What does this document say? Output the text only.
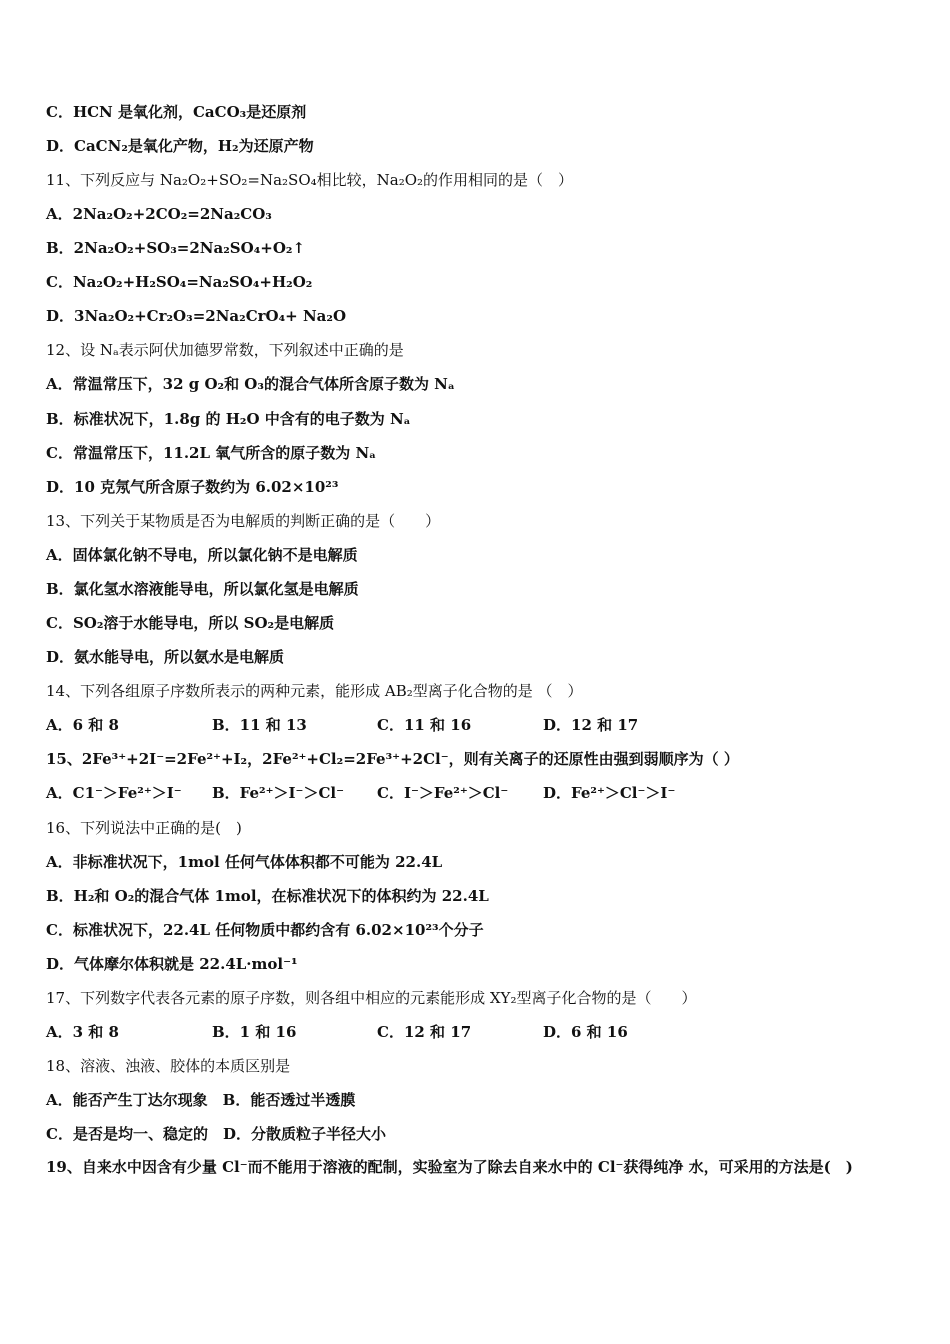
C．HCN 是氧化剂，CaCO₃是还原剂
D．CaCN₂是氧化产物，H₂为还原产物
11、下列反应与 Na₂O₂+SO₂=Na₂SO₄相比较，Na₂O₂的作用相同的是（　）
A．2Na₂O₂+2CO₂=2Na₂CO₃
B．2Na₂O₂+SO₃=2Na₂SO₄+O₂↑
C．Na₂O₂+H₂SO₄=Na₂SO₄+H₂O₂
D．3Na₂O₂+Cr₂O₃=2Na₂CrO₄+ Na₂O
12、设 Nₐ表示阿伏加德罗常数，下列叙述中正确的是
A．常温常压下，32 g O₂和 O₃的混合气体所含原子数为 Nₐ
B．标准状况下，1.8g 的 H₂O 中含有的电子数为 Nₐ
C．常温常压下，11.2L 氧气所含的原子数为 Nₐ
D．10 克氖气所含原子数约为 6.02×10²³
13、下列关于某物质是否为电解质的判断正确的是（　　）
A．固体氯化钠不导电，所以氯化钠不是电解质
B．氯化氢水溶液能导电，所以氯化氢是电解质
C．SO₂溶于水能导电，所以 SO₂是电解质
D．氨水能导电，所以氨水是电解质
14、下列各组原子序数所表示的两种元素，能形成 AB₂型离子化合物的是 （　）
A．6 和 8	B．11 和 13	C．11 和 16	D．12 和 17
15、2Fe³⁺+2I⁻=2Fe²⁺+I₂，2Fe²⁺+Cl₂=2Fe³⁺+2Cl⁻，则有关离子的还原性由强到弱顺序为（ ）
A．C1⁻＞Fe²⁺＞I⁻ B．Fe²⁺＞I⁻＞Cl⁻ C．I⁻＞Fe²⁺＞Cl⁻ D．Fe²⁺＞Cl⁻＞I⁻
16、下列说法中正确的是(　)
A．非标准状况下，1mol 任何气体体积都不可能为 22.4L
B．H₂和 O₂的混合气体 1mol，在标准状况下的体积约为 22.4L
C．标准状况下，22.4L 任何物质中都约含有 6.02×10²³个分子
D．气体摩尔体积就是 22.4L·mol⁻¹
17、下列数字代表各元素的原子序数，则各组中相应的元素能形成 XY₂型离子化合物的是（　　）
A．3 和 8	B．1 和 16	C．12 和 17	D．6 和 16
18、溶液、浊液、胶体的本质区别是
A．能否产生丁达尔现象　B．能否透过半透膜
C．是否是均一、稳定的　D．分散质粒子半径大小
19、自来水中因含有少量 Cl⁻而不能用于溶液的配制，实验室为了除去自来水中的 Cl⁻获得纯净 水，可采用的方法是(　)
